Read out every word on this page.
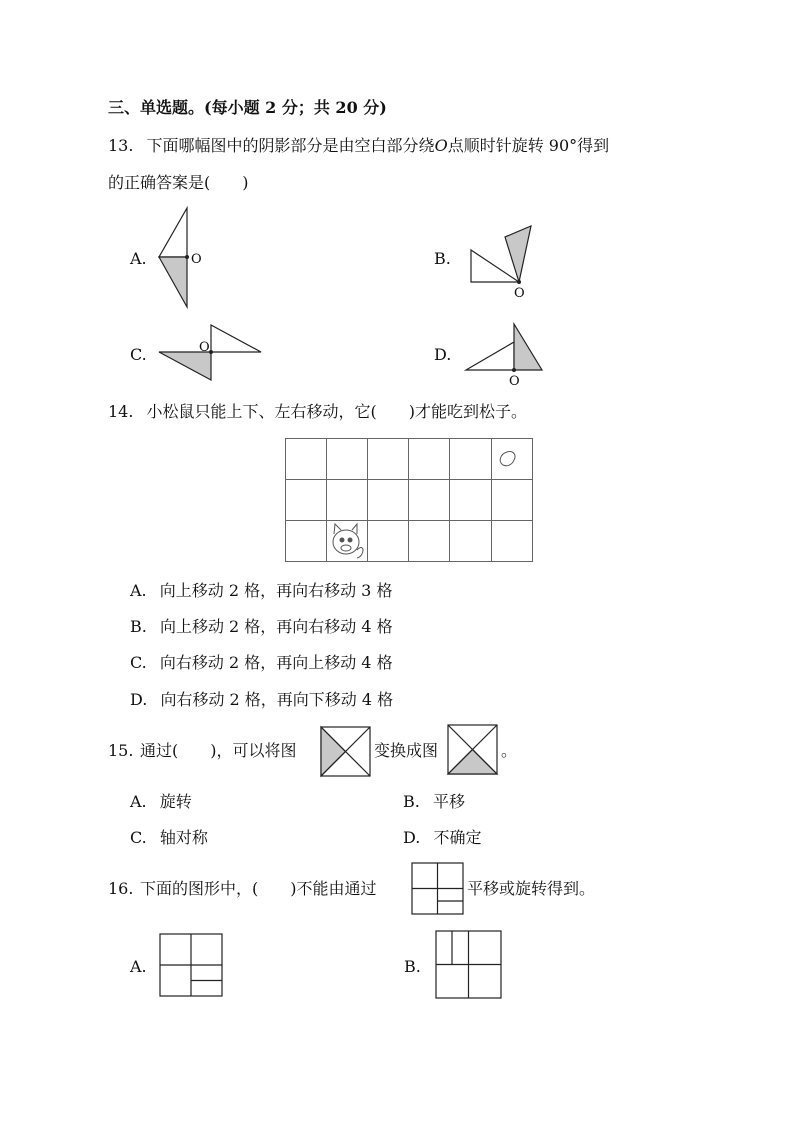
三、单选题。(每小题 2 分；共 20 分)
13. 下面哪幅图中的阴影部分是由空白部分绕O点顺时针旋转 90°得到
的正确答案是(　　)
A.	O	B.
O
C.	O	D.
O
14. 小松鼠只能上下、左右移动，它(　　)才能吃到松子。
A. 向上移动 2 格，再向右移动 3 格
B. 向上移动 2 格，再向右移动 4 格
C. 向右移动 2 格，再向上移动 4 格
D. 向右移动 2 格，再向下移动 4 格
15. 通过(　　)，可以将图	变换成图	。
A. 旋转	B. 平移
C. 轴对称	D. 不确定
16. 下面的图形中，(　　)不能由通过	平移或旋转得到。
A.	B.
